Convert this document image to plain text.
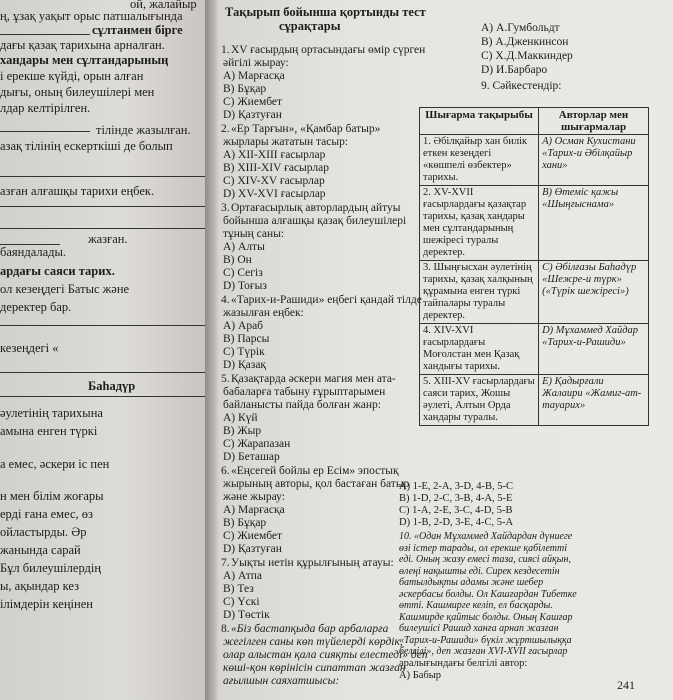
ой, жалайыр
ң, ұзақ уақыт орыс патшалығында
сұлтанмен бірге
дағы қазақ тарихына арналған.
хандары мен сұлтандарының
і ерекше күйді, орын алған
дығы, оның билеушілері мен
лдар келтірілген.
тілінде жазылған.
азақ тілінің ескерткіші де болып
азған алғашқы тарихи еңбек.
баяндалады.
жазған.
ардағы саяси тарих.
ол кезеңдегі Батыс және
деректер бар.
кезеңдегі «
Баһадүр
әулетінің тарихына
амына енген түркі
а емес, әскери іс пен
н мен білім жоғары
ерді ғана емес, өз
ойластырды. Әр
жанында сарай
Бұл билеушілердің
ы, ақындар кез
ілімдерін кеңінен
Тақырып бойынша қортынды тест
сұрақтары
1. XV ғасырдың ортасындағы өмір сүрген
әйгілі жырау:
А) Марғасқа
В) Бұқар
С) Жиембет
D) Қазтуған
2. «Ер Тарғын», «Қамбар батыр»
жырлары жататын тасыр:
А) XII-XIII ғасырлар
В) XIII-XIV ғасырлар
С) XIV-XV ғасырлар
D) XV-XVI ғасырлар
3. Ортағасырлық авторлардың айтуы
бойынша алғашқы қазақ билеушілері
тұның саны:
А) Алты
В) Он
С) Сегіз
D) Тоғыз
4. «Тарих-и-Рашиди» еңбегі қандай тілде
жазылған еңбек:
А) Араб
В) Парсы
С) Түрік
D) Қазақ
5. Қазақтарда әскери магия мен ата-
бабаларға табыну ғұрыптарымен
байланысты пайда болған жанр:
А) Күй
В) Жыр
С) Жарапазан
D) Беташар
6. «Еңсегей бойлы ер Есім» эпостық
жырының авторы, қол бастаған батыр
және жырау:
А) Марғасқа
В) Бұқар
С) Жиембет
D) Қазтуған
7. Уықты иетін құрылғының атауы:
А) Атпа
В) Тез
С) Үскі
D) Төстік
8. «Біз бастапқыда бар арбаларға
жегілген саны көп түйелерді көрдік,
олар алыстан қала сияқты елестеді» деп
көші-қон көрінісін сипаттап жазған
ағылшын саяхатшысы:
А) А.Гумбольдт
В) А.Дженкинсон
С) Х.Д.Маккиндер
D) И.Барбаро
9. Сәйкестендір:
Шығарма тақырыбы	Авторлар мен шығармалар
1. Әбілқайыр хан билік еткен кезеңдегі «көшпелі өзбектер» тарихы.	A) Осман Кухистани «Тарих-и Әбілқайыр хани»
2. XV-XVII ғасырлардағы қазақтар тарихы, қазақ хандары мен сұлтандарының шежіресі туралы деректер.	B) Өтеміс қажы «Шыңғыснама»
3. Шыңғысхан әулетінің тарихы, қазақ халқының құрамына енген түркі тайпалары туралы деректер.	C) Әбілғазы Баһадүр «Шежре-и түрк» («Түрік шежіресі»)
4. XIV-XVI ғасырлардағы Моғолстан мен Қазақ хандығы тарихы.	D) Мұхаммед Хайдар «Тарих-и-Рашиди»
5. XIII-XV ғасырлардағы саяси тарих, Жошы әулеті, Алтын Орда хандары туралы.	E) Қадырғали Жалаири «Жамиг-ат-тауарих»
А) 1-E, 2-A, 3-D, 4-B, 5-C
В) 1-D, 2-C, 3-B, 4-A, 5-E
С) 1-A, 2-E, 3-C, 4-D, 5-B
D) 1-B, 2-D, 3-E, 4-C, 5-A
10. «Одан Мұхаммед Хайдардан дүниеге
өзі істер тарады, ол ерекше қабілетті
еді. Оның жазу емесі таза, сиясі айқын,
өлеңі нақышты еді. Сирек кездесетін
батылдықты адамы және шебер
әскербасы болды. Ол Кашғардан Тибетке
өтті. Кашмирге келіп, ел басқарды.
Кашмирде қайтыс болды. Оның Кашғар
билеушісі Рашид ханға арнап жазған
«Тарих-и-Рашиди» бүкіл жұртшылыққа
белгілі», деп жазған XVI-XVII ғасырлар
аралығындағы белгілі автор:
А) Бабыр
241
